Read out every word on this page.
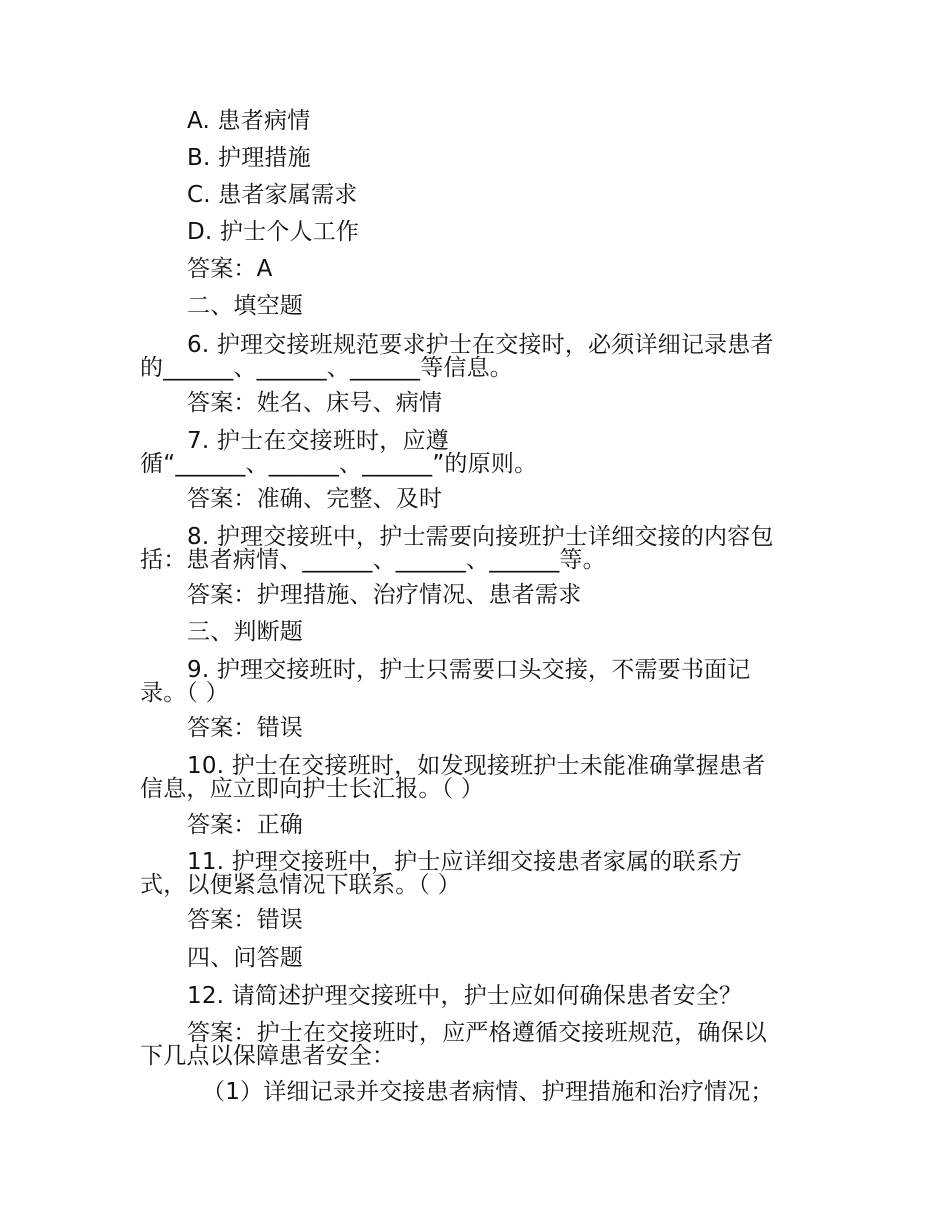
A. 患者病情
B. 护理措施
C. 患者家属需求
D. 护士个人工作
答案：A
二、填空题
6. 护理交接班规范要求护士在交接时，必须详细记录患者
的______、______、______等信息。
答案：姓名、床号、病情
7. 护士在交接班时，应遵
循“______、______、______”的原则。
答案：准确、完整、及时
8. 护理交接班中，护士需要向接班护士详细交接的内容包
括：患者病情、______、______、______等。
答案：护理措施、治疗情况、患者需求
三、判断题
9. 护理交接班时，护士只需要口头交接，不需要书面记
录。（ ）
答案：错误
10. 护士在交接班时，如发现接班护士未能准确掌握患者
信息，应立即向护士长汇报。（ ）
答案：正确
11. 护理交接班中，护士应详细交接患者家属的联系方
式，以便紧急情况下联系。（ ）
答案：错误
四、问答题
12. 请简述护理交接班中，护士应如何确保患者安全？
答案：护士在交接班时，应严格遵循交接班规范，确保以
下几点以保障患者安全：
（1）详细记录并交接患者病情、护理措施和治疗情况；
